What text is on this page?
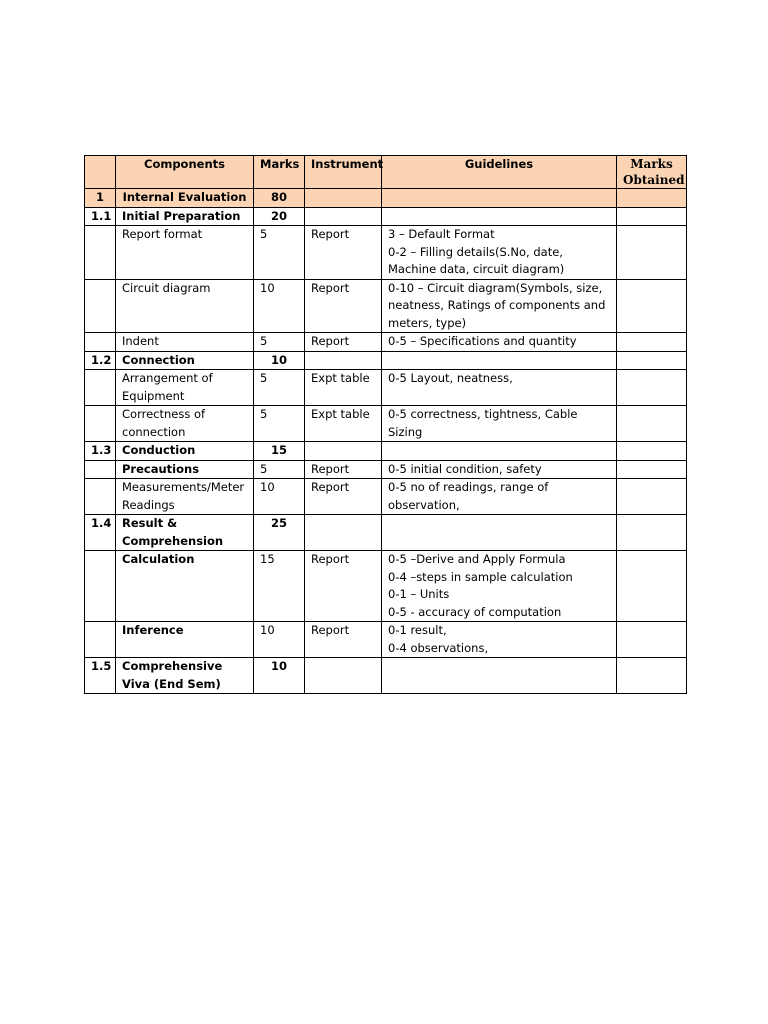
	Components	Marks	Instrument	Guidelines	Marks
Obtained
1	Internal Evaluation	80			
1.1	Initial Preparation	20			
	Report format	5	Report	3 – Default Format
0-2 – Filling details(S.No, date, Machine data, circuit diagram)	
	Circuit diagram	10	Report	0-10 – Circuit diagram(Symbols, size, neatness, Ratings of components and meters, type)	
	Indent	5	Report	0-5 – Specifications and quantity	
1.2	Connection	10			
	Arrangement of Equipment	5	Expt table	0-5 Layout, neatness,	
	Correctness of connection	5	Expt table	0-5 correctness, tightness, Cable Sizing	
1.3	Conduction	15			
	Precautions	5	Report	0-5 initial condition, safety	
	Measurements/Meter Readings	10	Report	0-5 no of readings, range of observation,	
1.4	Result & Comprehension	25			
	Calculation	15	Report	0-5 –Derive and Apply Formula
0-4 –steps in sample calculation
0-1 – Units
0-5 - accuracy of computation	
	Inference	10	Report	0-1 result,
0-4 observations,	
1.5	Comprehensive Viva (End Sem)	10			
